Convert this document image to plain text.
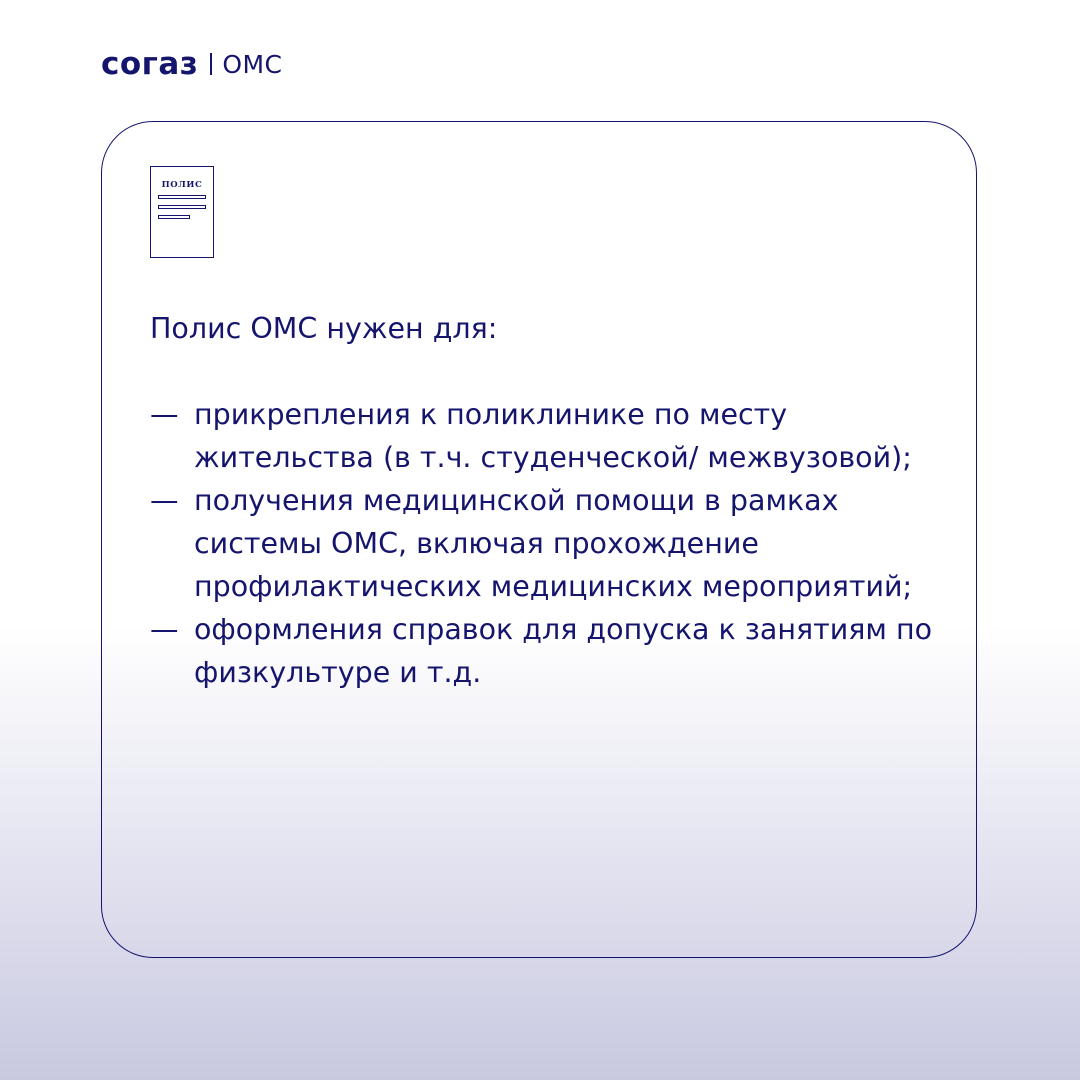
согаз ОМС
ПОЛИС

Полис ОМС нужен для:

— прикрепления к поликлинике по месту жительства (в т.ч. студенческой/ межвузовой);
— получения медицинской помощи в рамках системы ОМС, включая прохождение профилактических медицинских мероприятий;
— оформления справок для допуска к занятиям по физкультуре и т.д.
